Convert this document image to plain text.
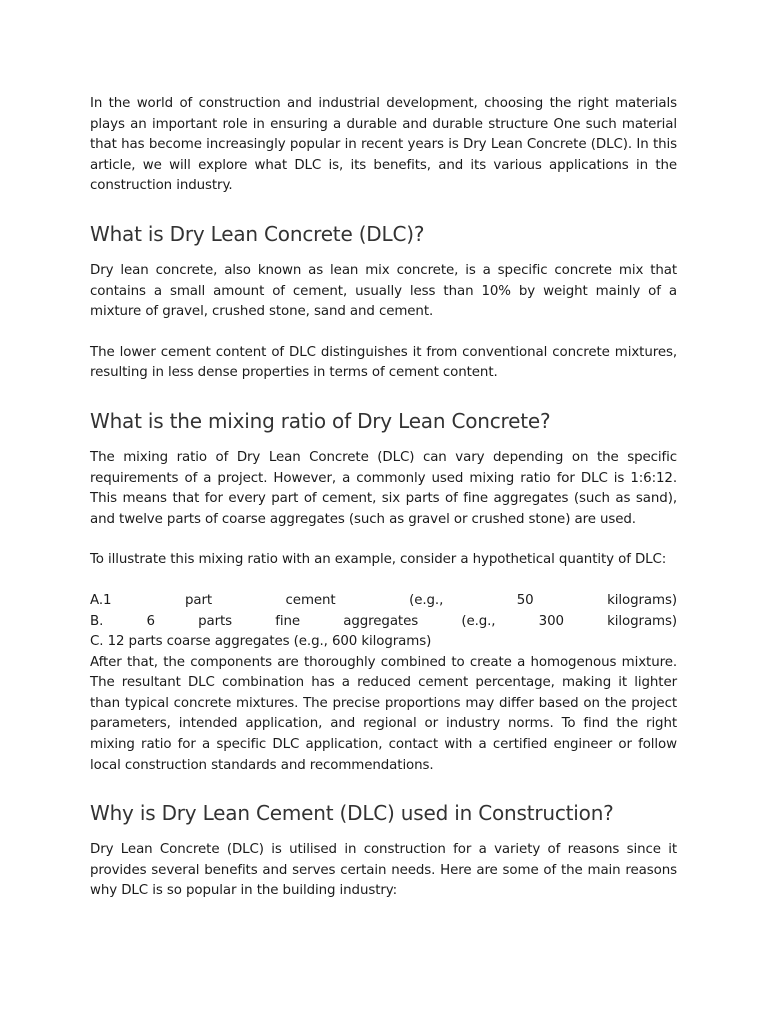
In the world of construction and industrial development, choosing the right materials plays an important role in ensuring a durable and durable structure One such material that has become increasingly popular in recent years is Dry Lean Concrete (DLC). In this article, we will explore what DLC is, its benefits, and its various applications in the construction industry.

What is Dry Lean Concrete (DLC)?

Dry lean concrete, also known as lean mix concrete, is a specific concrete mix that contains a small amount of cement, usually less than 10% by weight mainly of a mixture of gravel, crushed stone, sand and cement.

The lower cement content of DLC distinguishes it from conventional concrete mixtures, resulting in less dense properties in terms of cement content.

What is the mixing ratio of Dry Lean Concrete?

The mixing ratio of Dry Lean Concrete (DLC) can vary depending on the specific requirements of a project. However, a commonly used mixing ratio for DLC is 1:6:12. This means that for every part of cement, six parts of fine aggregates (such as sand), and twelve parts of coarse aggregates (such as gravel or crushed stone) are used.

To illustrate this mixing ratio with an example, consider a hypothetical quantity of DLC:

A.1 part cement (e.g., 50 kilograms)
B. 6 parts fine aggregates (e.g., 300 kilograms)
C. 12 parts coarse aggregates (e.g., 600 kilograms)

After that, the components are thoroughly combined to create a homogenous mixture. The resultant DLC combination has a reduced cement percentage, making it lighter than typical concrete mixtures. The precise proportions may differ based on the project parameters, intended application, and regional or industry norms. To find the right mixing ratio for a specific DLC application, contact with a certified engineer or follow local construction standards and recommendations.

Why is Dry Lean Cement (DLC) used in Construction?

Dry Lean Concrete (DLC) is utilised in construction for a variety of reasons since it provides several benefits and serves certain needs. Here are some of the main reasons why DLC is so popular in the building industry:
